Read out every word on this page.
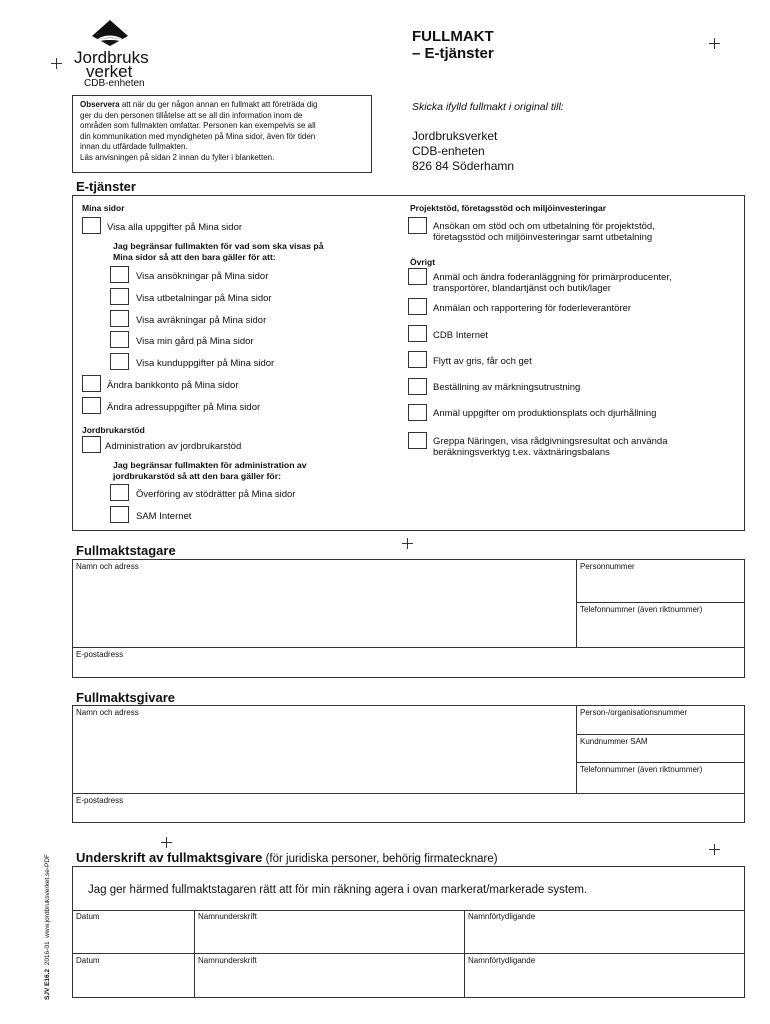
Jordbruks
verket
CDB-enheten
FULLMAKT
– E-tjänster

Observera att när du ger någon annan en fullmakt att företräda dig

ger du den personen tillåtelse att se all din information inom de

områden som fullmakten omfattar. Personen kan exempelvis se all

din kommunikation med myndigheten på Mina sidor, även för tiden

innan du utfärdade fullmakten.

Läs anvisningen på sidan 2 innan du fyller i blanketten.

Skicka ifylld fullmakt i original till:
Jordbruksverket
CDB-enheten
826 84 Söderhamn
E-tjänster
Mina sidor
Visa alla uppgifter på Mina sidor
Jag begränsar fullmakten för vad som ska visas på
Mina sidor så att den bara gäller för att:
Visa ansökningar på Mina sidor
Visa utbetalningar på Mina sidor
Visa avräkningar på Mina sidor
Visa min gård på Mina sidor
Visa kunduppgifter på Mina sidor
Ändra bankkonto på Mina sidor
Ändra adressuppgifter på Mina sidor
Jordbrukarstöd
Administration av jordbrukarstöd
Jag begränsar fullmakten för administration av
jordbrukarstöd så att den bara gäller för:
Överföring av stödrätter på Mina sidor
SAM Internet
Projektstöd, företagsstöd och miljöinvesteringar
Ansökan om stöd och om utbetalning för projektstöd,
företagsstöd och miljöinvesteringar samt utbetalning
Övrigt
Anmäl och ändra foderanläggning för primärproducenter,
transportörer, blandartjänst och butik/lager
Anmälan och rapportering för foderleverantörer
CDB Internet
Flytt av gris, får och get
Beställning av märkningsutrustning
Anmäl uppgifter om produktionsplats och djurhållning
Greppa Näringen, visa rådgivningsresultat och använda
beräkningsverktyg t.ex. växtnäringsbalans
Fullmaktstagare
Namn och adress	Personnummer
Telefonnummer (även riktnummer)
E-postadress
Fullmaktsgivare
Namn och adress	Person-/organisationsnummer
Kundnummer SAM
Telefonnummer (även riktnummer)
E-postadress
Underskrift av fullmaktsgivare (för juridiska personer, behörig firmatecknare)
Jag ger härmed fullmaktstagaren rätt att för min räkning agera i ovan markerat/markerade system.
Datum	Namnunderskrift	Namnförtydligande
Datum	Namnunderskrift	Namnförtydligande
SJV E16.2  2016-01  www.jordbruksverket.se-PDF
